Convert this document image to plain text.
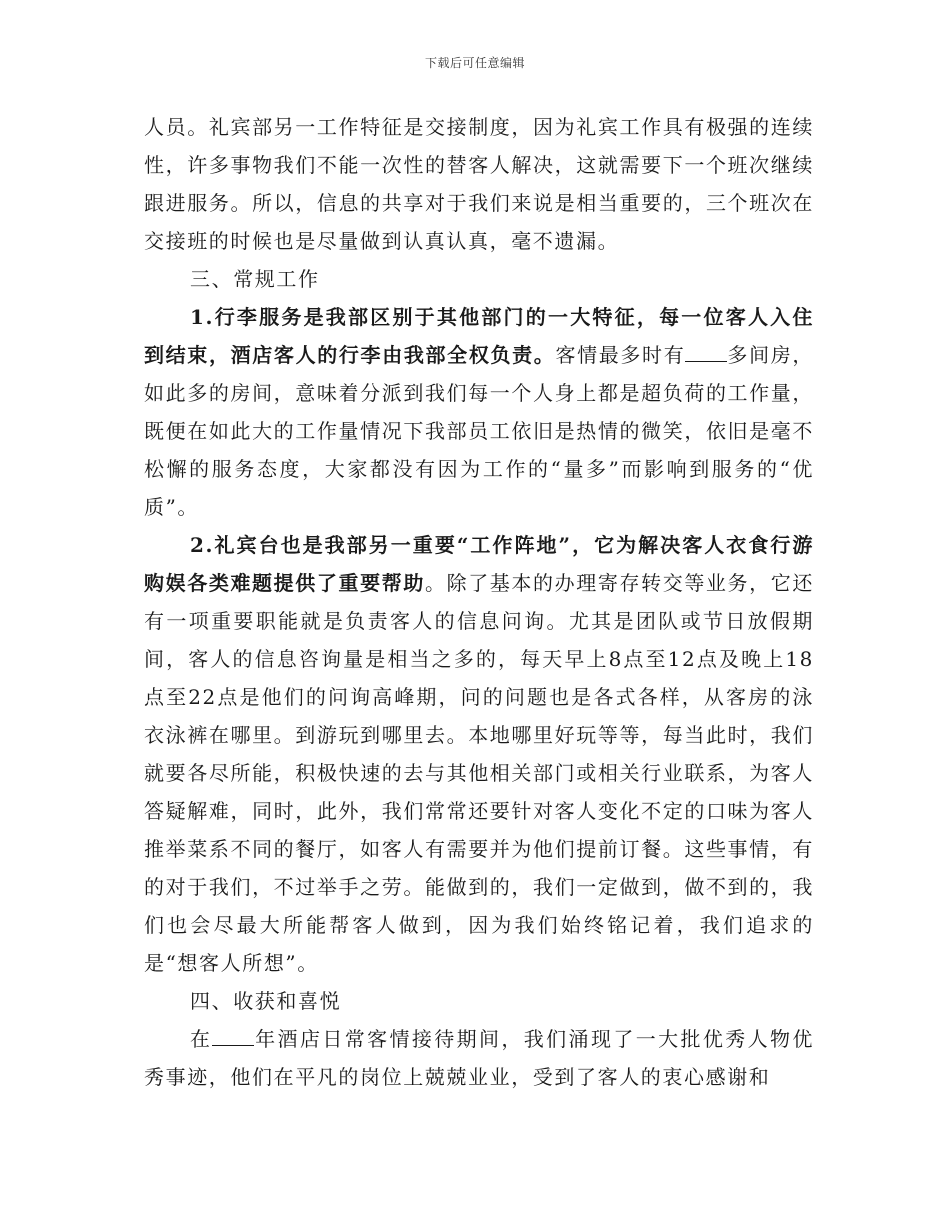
下载后可任意编辑

人员。礼宾部另一工作特征是交接制度，因为礼宾工作具有极强的连续性，许多事物我们不能一次性的替客人解决，这就需要下一个班次继续跟进服务。所以，信息的共享对于我们来说是相当重要的，三个班次在交接班的时候也是尽量做到认真认真，毫不遗漏。

三、常规工作

1.行李服务是我部区别于其他部门的一大特征，每一位客人入住到结束，酒店客人的行李由我部全权负责。客情最多时有 多间房，如此多的房间，意味着分派到我们每一个人身上都是超负荷的工作量，既便在如此大的工作量情况下我部员工依旧是热情的微笑，依旧是毫不松懈的服务态度，大家都没有因为工作的“量多”而影响到服务的“优质”。

2.礼宾台也是我部另一重要“工作阵地”，它为解决客人衣食行游购娱各类难题提供了重要帮助。除了基本的办理寄存转交等业务，它还有一项重要职能就是负责客人的信息问询。尤其是团队或节日放假期间，客人的信息咨询量是相当之多的，每天早上8点至12点及晚上18点至22点是他们的问询高峰期，问的问题也是各式各样，从客房的泳衣泳裤在哪里。到游玩到哪里去。本地哪里好玩等等，每当此时，我们就要各尽所能，积极快速的去与其他相关部门或相关行业联系，为客人答疑解难，同时，此外，我们常常还要针对客人变化不定的口味为客人推举菜系不同的餐厅，如客人有需要并为他们提前订餐。这些事情，有的对于我们，不过举手之劳。能做到的，我们一定做到，做不到的，我们也会尽最大所能帮客人做到，因为我们始终铭记着，我们追求的是“想客人所想”。

四、收获和喜悦

在 年酒店日常客情接待期间，我们涌现了一大批优秀人物优秀事迹，他们在平凡的岗位上兢兢业业，受到了客人的衷心感谢和
